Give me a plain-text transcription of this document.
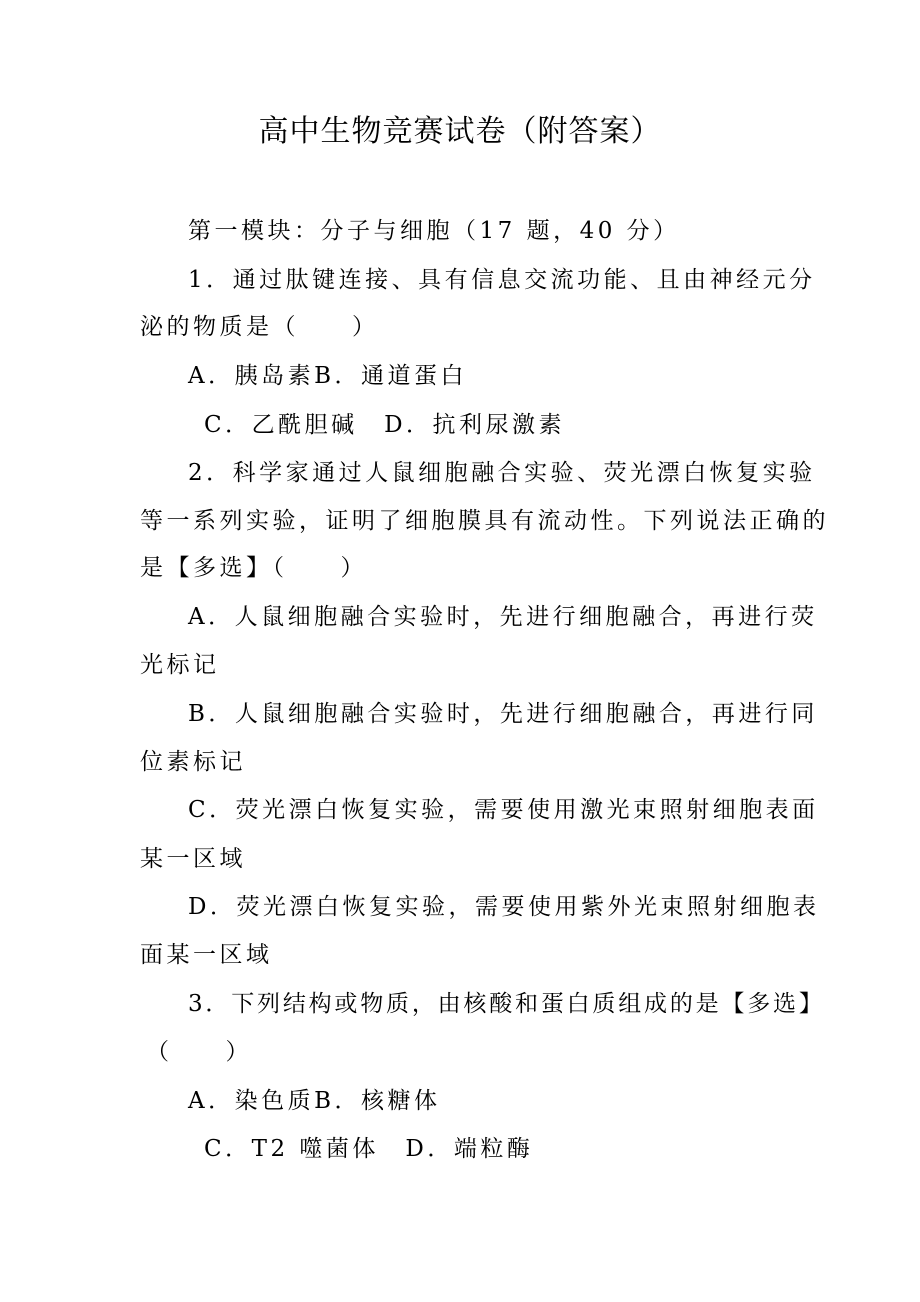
高中生物竞赛试卷（附答案）
第一模块：分子与细胞（17 题，40 分）
1．通过肽键连接、具有信息交流功能、且由神经元分
泌的物质是（　　）
A．胰岛素B．通道蛋白
C．乙酰胆碱　D．抗利尿激素
2．科学家通过人鼠细胞融合实验、荧光漂白恢复实验
等一系列实验，证明了细胞膜具有流动性。下列说法正确的
是【多选】（　　）
A．人鼠细胞融合实验时，先进行细胞融合，再进行荧
光标记
B．人鼠细胞融合实验时，先进行细胞融合，再进行同
位素标记
C．荧光漂白恢复实验，需要使用激光束照射细胞表面
某一区域
D．荧光漂白恢复实验，需要使用紫外光束照射细胞表
面某一区域
3．下列结构或物质，由核酸和蛋白质组成的是【多选】
（　　）
A．染色质B．核糖体
C．T2 噬菌体　D．端粒酶
